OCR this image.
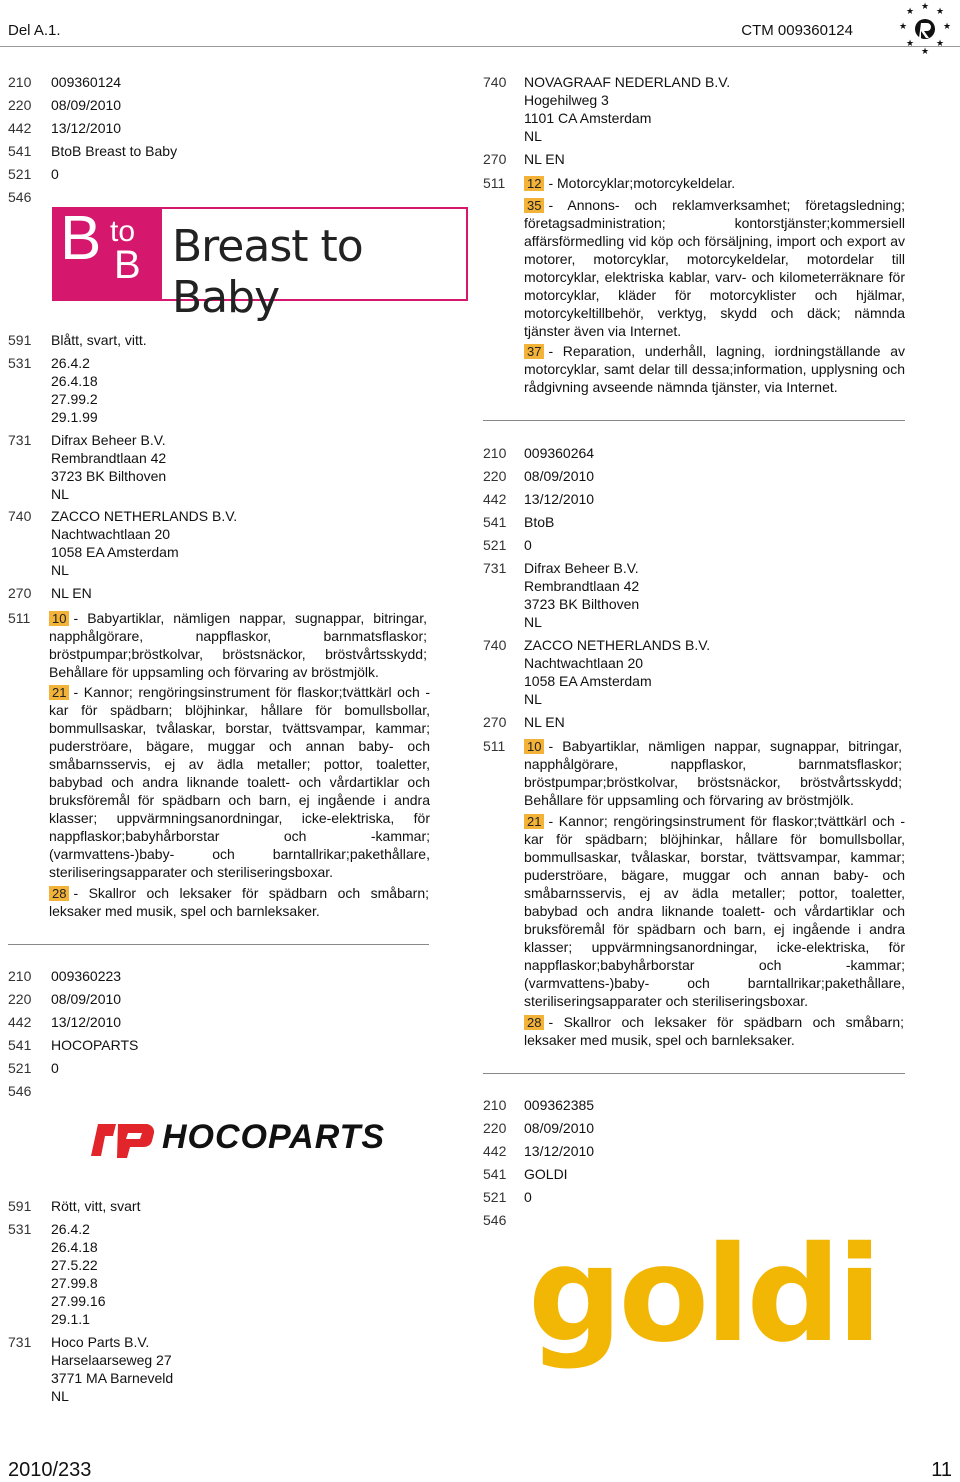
Del A.1.	CTM 009360124
★ ★
★
★
★
★
★
★
210	009360124
220	08/09/2010
442	13/12/2010
541	BtoB Breast to Baby
521	0
546
B to
B Breast to Baby
591	Blått, svart, vitt.
531	26.4.2
26.4.18
27.99.2
29.1.99
731	Difrax Beheer B.V.
Rembrandtlaan 42
3723 BK Bilthoven
NL
740	ZACCO NETHERLANDS B.V.
Nachtwachtlaan 20
1058 EA Amsterdam
NL
270	NL EN
511	10 - Babyartiklar, nämligen nappar, sugnappar, bitringar, napphålgörare, nappflaskor, barnmatsflaskor; bröstpumpar;bröstkolvar, bröstsnäckor, bröstvårtsskydd; Behållare för uppsamling och förvaring av bröstmjölk.
21 - Kannor; rengöringsinstrument för flaskor;tvättkärl och -kar för spädbarn; blöjhinkar, hållare för bomullsbollar, bommullsaskar, tvålaskar, borstar, tvättsvampar, kammar; puderströare, bägare, muggar och annan baby- och småbarnsservis, ej av ädla metaller; pottor, toaletter, babybad och andra liknande toalett- och vårdartiklar och bruksföremål för spädbarn och barn, ej ingående i andra klasser; uppvärmningsanordningar, icke-elektriska, för nappflaskor;babyhårborstar och -kammar;(varmvattens-)baby- och barntallrikar;pakethållare, steriliseringsapparater och steriliseringsboxar.
28 - Skallror och leksaker för spädbarn och småbarn; leksaker med musik, spel och barnleksaker.
210	009360223
220	08/09/2010
442	13/12/2010
541	HOCOPARTS
521	0
546
HOCOPARTS
591	Rött, vitt, svart
531	26.4.2
26.4.18
27.5.22
27.99.8
27.99.16
29.1.1
731	Hoco Parts B.V.
Harselaarseweg 27
3771 MA Barneveld
NL
740	NOVAGRAAF NEDERLAND B.V.
Hogehilweg 3
1101 CA Amsterdam
NL
270	NL EN
511	12 - Motorcyklar;motorcykeldelar.
35 - Annons- och reklamverksamhet; företagsledning; företagsadministration; kontorstjänster;kommersiell affärsförmedling vid köp och försäljning, import och export av motorer, motorcyklar, motorcykeldelar, motordelar till motorcyklar, elektriska kablar, varv- och kilometerräknare för motorcyklar, kläder för motorcyklister och hjälmar, motorcykeltillbehör, verktyg, skydd och däck; nämnda tjänster även via Internet.
37 - Reparation, underhåll, lagning, iordningställande av motorcyklar, samt delar till dessa;information, upplysning och rådgivning avseende nämnda tjänster, via Internet.
210	009360264
220	08/09/2010
442	13/12/2010
541	BtoB
521	0
731	Difrax Beheer B.V.
Rembrandtlaan 42
3723 BK Bilthoven
NL
740	ZACCO NETHERLANDS B.V.
Nachtwachtlaan 20
1058 EA Amsterdam
NL
270	NL EN
511	10 - Babyartiklar, nämligen nappar, sugnappar, bitringar, napphålgörare, nappflaskor, barnmatsflaskor; bröstpumpar;bröstkolvar, bröstsnäckor, bröstvårtsskydd; Behållare för uppsamling och förvaring av bröstmjölk.
21 - Kannor; rengöringsinstrument för flaskor;tvättkärl och -kar för spädbarn; blöjhinkar, hållare för bomullsbollar, bommullsaskar, tvålaskar, borstar, tvättsvampar, kammar; puderströare, bägare, muggar och annan baby- och småbarnsservis, ej av ädla metaller; pottor, toaletter, babybad och andra liknande toalett- och vårdartiklar och bruksföremål för spädbarn och barn, ej ingående i andra klasser; uppvärmningsanordningar, icke-elektriska, för nappflaskor;babyhårborstar och -kammar;(varmvattens-)baby- och barntallrikar;pakethållare, steriliseringsapparater och steriliseringsboxar.
28 - Skallror och leksaker för spädbarn och småbarn; leksaker med musik, spel och barnleksaker.
210	009362385
220	08/09/2010
442	13/12/2010
541	GOLDI
521	0
546 goldi
2010/233	11
